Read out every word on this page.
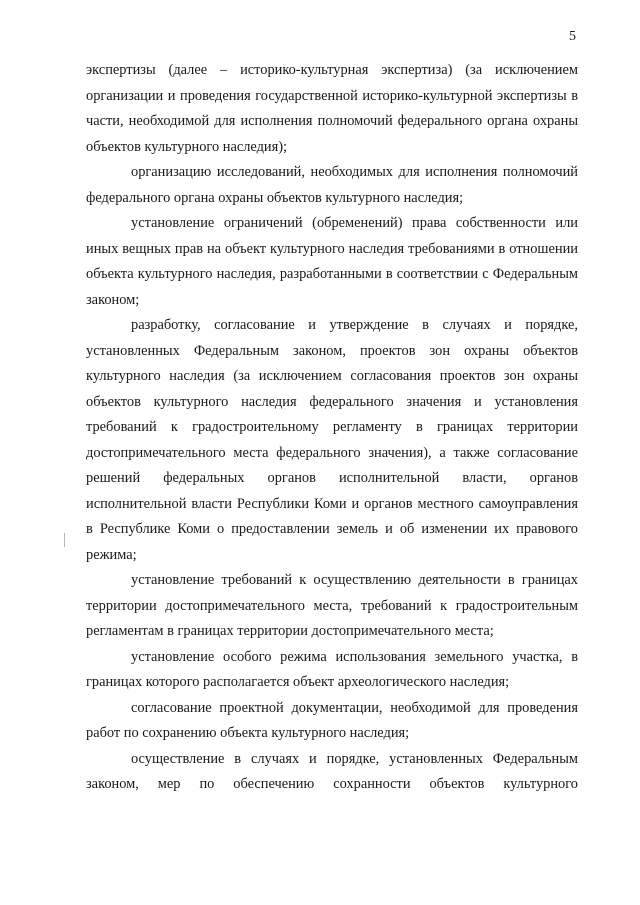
5

экспертизы (далее – историко-культурная экспертиза) (за исключением организации и проведения государственной историко-культурной экспертизы в части, необходимой для исполнения полномочий федерального органа охраны объектов культурного наследия);

организацию исследований, необходимых для исполнения полномочий федерального органа охраны объектов культурного наследия;

установление ограничений (обременений) права собственности или иных вещных прав на объект культурного наследия требованиями в отношении объекта культурного наследия, разработанными в соответствии с Федеральным законом;

разработку, согласование и утверждение в случаях и порядке, установленных Федеральным законом, проектов зон охраны объектов культурного наследия (за исключением согласования проектов зон охраны объектов культурного наследия федерального значения и установления требований к градостроительному регламенту в границах территории достопримечательного места федерального значения), а также согласование решений федеральных органов исполнительной власти, органов исполнительной власти Республики Коми и органов местного самоуправления в Республике Коми о предоставлении земель и об изменении их правового режима;

установление требований к осуществлению деятельности в границах территории достопримечательного места, требований к градостроительным регламентам в границах территории достопримечательного места;

установление особого режима использования земельного участка, в границах которого располагается объект археологического наследия;

согласование проектной документации, необходимой для проведения работ по сохранению объекта культурного наследия;

осуществление в случаях и порядке, установленных Федеральным законом, мер по обеспечению сохранности объектов культурного
